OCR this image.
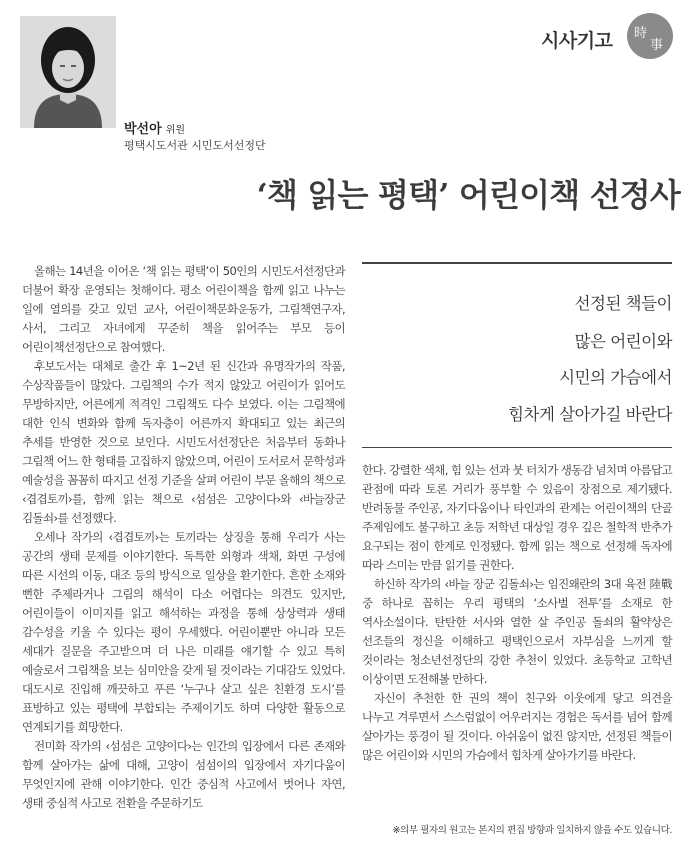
박선아 위원
평택시도서관 시민도서선정단
시사기고 時
事
‘책 읽는 평택’ 어린이책 선정사

올해는 14년을 이어온 ‘책 읽는 평택’이 50인의 시민도서선정단과 더불어 확장 운영되는 첫해이다. 평소 어린이책을 함께 읽고 나누는 일에 열의를 갖고 있던 교사, 어린이책문화운동가, 그림책연구자, 사서, 그리고 자녀에게 꾸준히 책을 읽어주는 부모 등이 어린이책선정단으로 참여했다.

후보도서는 대체로 출간 후 1~2년 된 신간과 유명작가의 작품, 수상작품들이 많았다. 그림책의 수가 적지 않았고 어린이가 읽어도 무방하지만, 어른에게 적격인 그림책도 다수 보였다. 이는 그림책에 대한 인식 변화와 함께 독자층이 어른까지 확대되고 있는 최근의 추세를 반영한 것으로 보인다. 시민도서선정단은 처음부터 동화나 그림책 어느 한 형태를 고집하지 않았으며, 어린이 도서로서 문학성과 예술성을 꼼꼼히 따지고 선정 기준을 살펴 어린이 부문 올해의 책으로 ‹겹겹토끼›를, 함께 읽는 책으로 ‹섬섬은 고양이다›와 ‹바늘장군 김돌쇠›를 선정했다.

오세나 작가의 ‹겹겹토끼›는 토끼라는 상징을 통해 우리가 사는 공간의 생태 문제를 이야기한다. 독특한 외형과 색채, 화면 구성에 따른 시선의 이동, 대조 등의 방식으로 일상을 환기한다. 흔한 소재와 뻔한 주제라거나 그림의 해석이 다소 어렵다는 의견도 있지만, 어린이들이 이미지를 읽고 해석하는 과정을 통해 상상력과 생태 감수성을 키울 수 있다는 평이 우세했다. 어린이뿐만 아니라 모든 세대가 질문을 주고받으며 더 나은 미래를 얘기할 수 있고 특히 예술로서 그림책을 보는 심미안을 갖게 될 것이라는 기대감도 있었다. 대도시로 진입해 깨끗하고 푸른 ‘누구나 살고 싶은 친환경 도시’를 표방하고 있는 평택에 부합되는 주제이기도 하며 다양한 활동으로 연계되기를 희망한다.

전미화 작가의 ‹섬섬은 고양이다›는 인간의 입장에서 다른 존재와 함께 살아가는 삶에 대해, 고양이 섬섬이의 입장에서 자기다움이 무엇인지에 관해 이야기한다. 인간 중심적 사고에서 벗어나 자연, 생태 중심적 사고로 전환을 주문하기도

선정된 책들이
많은 어린이와
시민의 가슴에서
힘차게 살아가길 바란다

한다. 강렬한 색채, 힘 있는 선과 붓 터치가 생동감 넘치며 아름답고 관점에 따라 토론 거리가 풍부할 수 있음이 장점으로 제기됐다. 반려동물 주인공, 자기다움이나 타인과의 관계는 어린이책의 단골 주제임에도 불구하고 초등 저학년 대상일 경우 깊은 철학적 반추가 요구되는 점이 한계로 인정됐다. 함께 읽는 책으로 선정해 독자에 따라 스미는 만큼 읽기를 권한다.

하신하 작가의 ‹바늘 장군 김돌쇠›는 임진왜란의 3대 육전 陸戰 중 하나로 꼽히는 우리 평택의 ‘소사벌 전투’를 소재로 한 역사소설이다. 탄탄한 서사와 열한 살 주인공 돌쇠의 활약상은 선조들의 정신을 이해하고 평택인으로서 자부심을 느끼게 할 것이라는 청소년선정단의 강한 추천이 있었다. 초등학교 고학년 이상이면 도전해볼 만하다.

자신이 추천한 한 권의 책이 친구와 이웃에게 닿고 의견을 나누고 겨루면서 스스럼없이 어우러지는 경험은 독서를 넘어 함께 살아가는 풍경이 될 것이다. 아쉬움이 없진 않지만, 선정된 책들이 많은 어린이와 시민의 가슴에서 힘차게 살아가기를 바란다.

※의부 필자의 원고는 본지의 편집 방향과 일치하지 않을 수도 있습니다.
